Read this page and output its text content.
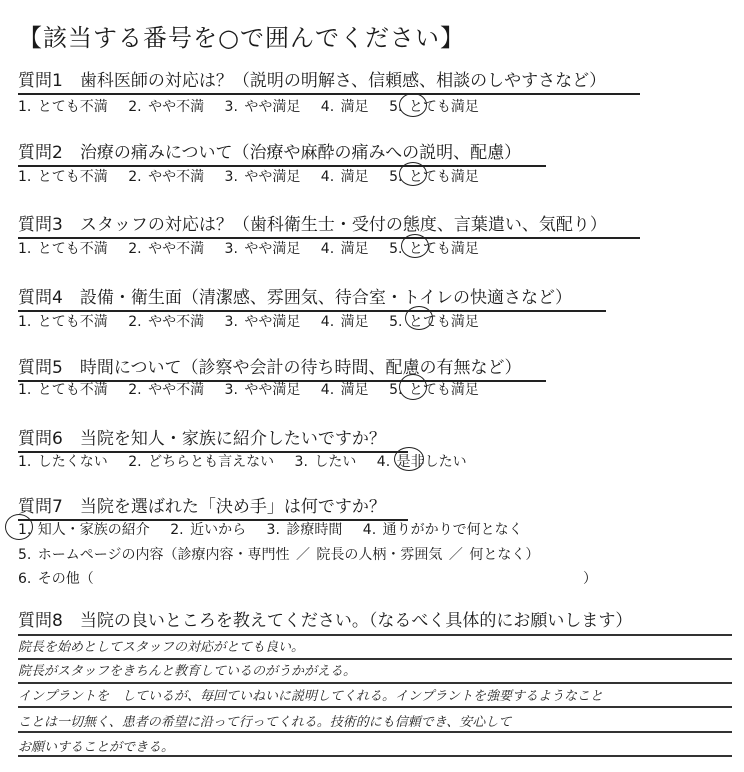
【該当する番号を○で囲んでください】
質問1　歯科医師の対応は？（説明の明解さ、信頼感、相談のしやすさなど）
1. とても不満 2. やや不満 3. やや満足 4. 満足 5. とても満足
質問2　治療の痛みについて（治療や麻酔の痛みへの説明、配慮）
1. とても不満 2. やや不満 3. やや満足 4. 満足 5. とても満足
質問3　スタッフの対応は？（歯科衛生士・受付の態度、言葉遣い、気配り）
1. とても不満 2. やや不満 3. やや満足 4. 満足 5. とても満足
質問4　設備・衛生面（清潔感、雰囲気、待合室・トイレの快適さなど）
1. とても不満 2. やや不満 3. やや満足 4. 満足 5. とても満足
質問5　時間について（診察や会計の待ち時間、配慮の有無など）
1. とても不満 2. やや不満 3. やや満足 4. 満足 5. とても満足
質問6　当院を知人・家族に紹介したいですか？
1. したくない 2. どちらとも言えない 3. したい 4. 是非したい
質問7　当院を選ばれた「決め手」は何ですか？
1. 知人・家族の紹介 2. 近いから 3. 診療時間 4. 通りがかりで何となく
5. ホームページの内容（診療内容・専門性 ／ 院長の人柄・雰囲気 ／ 何となく）
6. その他（	）
質問8　当院の良いところを教えてください。（なるべく具体的にお願いします）
院長を始めとしてスタッフの対応がとても良い。
院長がスタッフをきちんと教育しているのがうかがえる。
インプラントを　しているが、毎回ていねいに説明してくれる。インプラントを強要するようなこと
ことは一切無く、患者の希望に沿って行ってくれる。技術的にも信頼でき、安心して
お願いすることができる。
